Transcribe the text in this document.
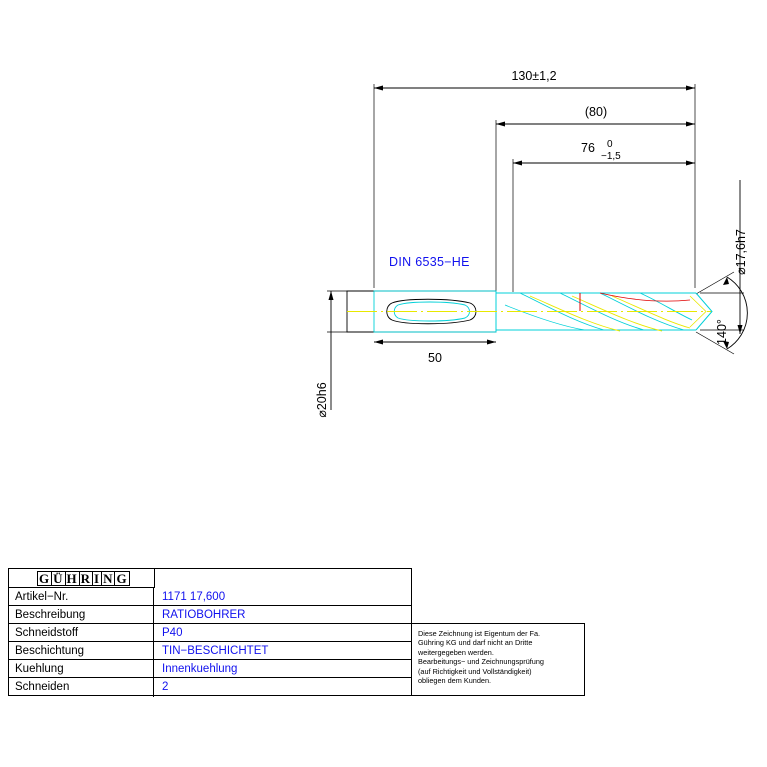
130±1,2
(80)
76 0
−1,5
50
⌀20h6
⌀17,6h7
140°
DIN 6535−HE
G Ü H R I N G
Artikel−Nr.	1171 17,600
Beschreibung	RATIOBOHRER
Schneidstoff	P40
Beschichtung	TIN−BESCHICHTET
Kuehlung	Innenkuehlung
Schneiden	2
Diese Zeichnung ist Eigentum der Fa.
Gühring KG und darf nicht an Dritte
weitergegeben werden.
Bearbeitungs− und Zeichnungsprüfung
(auf Richtigkeit und Vollständigkeit)
obliegen dem Kunden.
